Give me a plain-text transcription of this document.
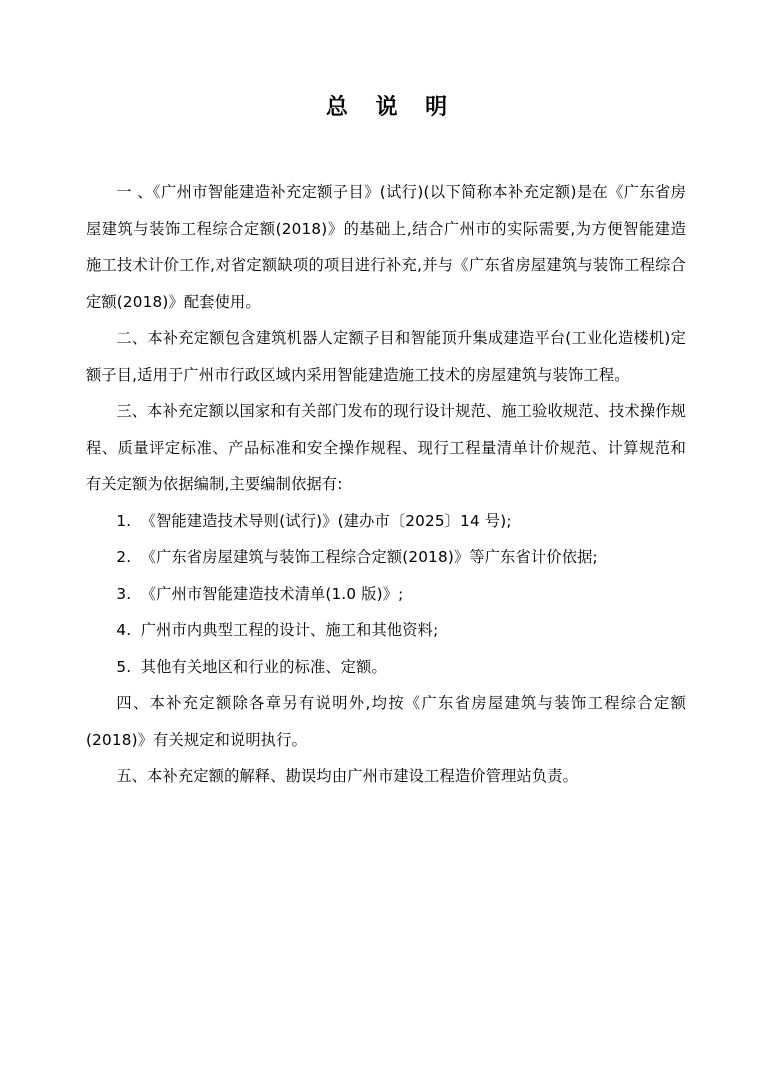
总 说 明

一 、《广州市智能建造补充定额子目》(试行)(以下简称本补充定额)是在《广东省房屋建筑与装饰工程综合定额(2018)》的基础上,结合广州市的实际需要,为方便智能建造施工技术计价工作,对省定额缺项的项目进行补充,并与《广东省房屋建筑与装饰工程综合定额(2018)》配套使用。

二、本补充定额包含建筑机器人定额子目和智能顶升集成建造平台(工业化造楼机)定额子目,适用于广州市行政区域内采用智能建造施工技术的房屋建筑与装饰工程。

三、本补充定额以国家和有关部门发布的现行设计规范、施工验收规范、技术操作规程、质量评定标准、产品标准和安全操作规程、现行工程量清单计价规范、计算规范和有关定额为依据编制,主要编制依据有:

1. 《智能建造技术导则(试行)》(建办市〔2025〕14 号);

2. 《广东省房屋建筑与装饰工程综合定额(2018)》等广东省计价依据;

3. 《广州市智能建造技术清单(1.0 版)》;

4. 广州市内典型工程的设计、施工和其他资料;

5. 其他有关地区和行业的标准、定额。

四、本补充定额除各章另有说明外,均按《广东省房屋建筑与装饰工程综合定额(2018)》有关规定和说明执行。

五、本补充定额的解释、勘误均由广州市建设工程造价管理站负责。
